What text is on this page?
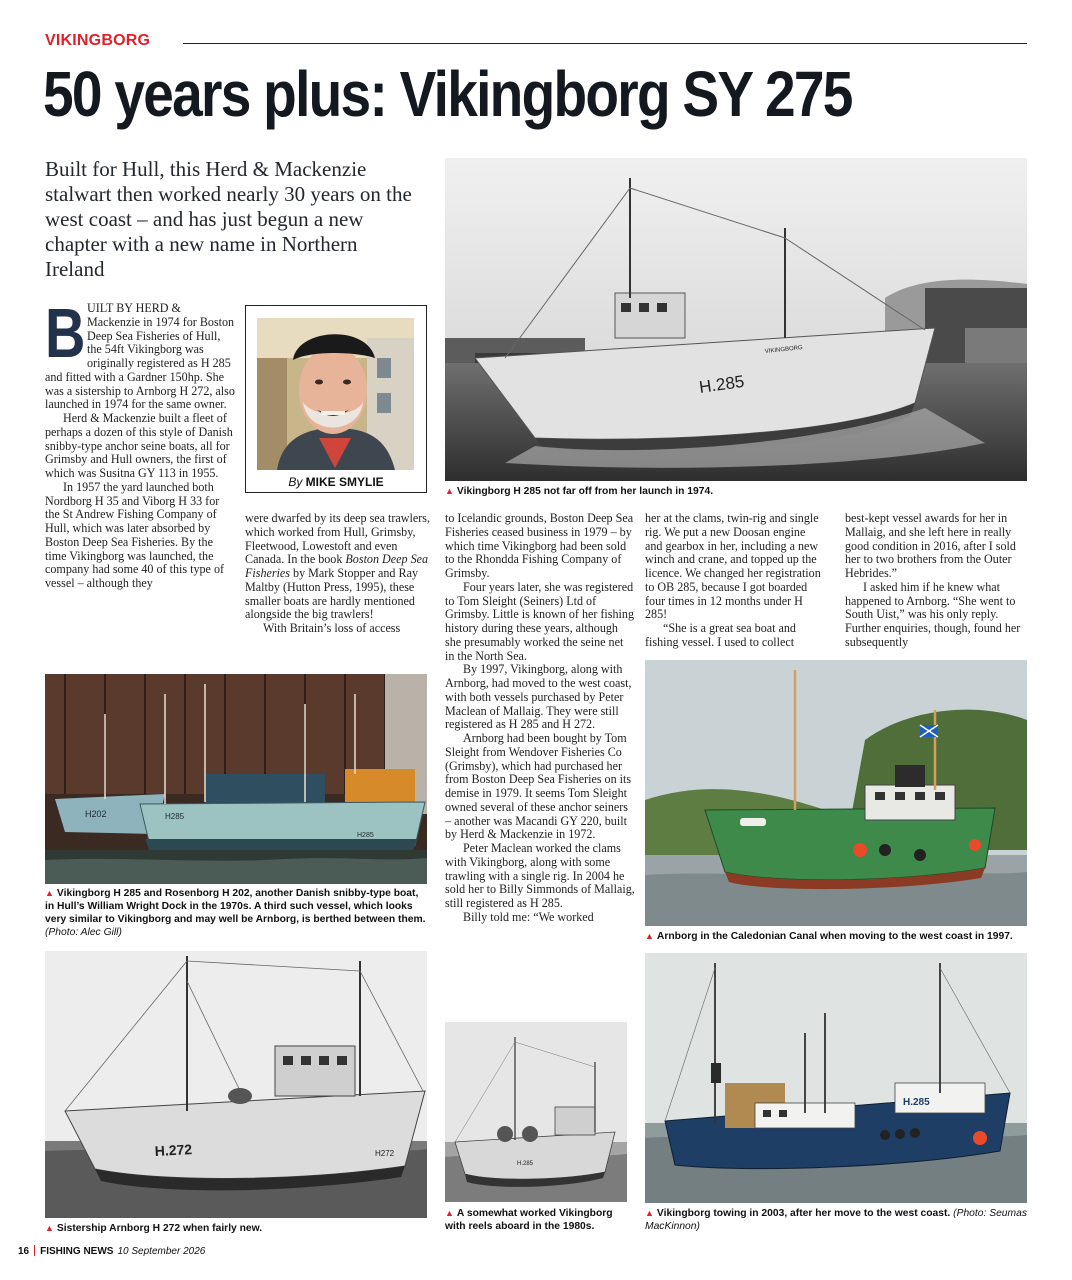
VIKINGBORG
50 years plus: Vikingborg SY 275
Built for Hull, this Herd & Mackenzie stalwart then worked nearly 30 years on the west coast – and has just begun a new chapter with a new name in Northern Ireland

BUILT BY HERD & Mackenzie in 1974 for Boston Deep Sea Fisheries of Hull, the 54ft Vikingborg was originally registered as H 285 and fitted with a Gardner 150hp. She was a sistership to Arnborg H 272, also launched in 1974 for the same owner.

Herd & Mackenzie built a fleet of perhaps a dozen of this style of Danish snibby-type anchor seine boats, all for Grimsby and Hull owners, the first of which was Susitna GY 113 in 1955.

In 1957 the yard launched both Nordborg H 35 and Viborg H 33 for the St Andrew Fishing Company of Hull, which was later absorbed by Boston Deep Sea Fisheries. By the time Vikingborg was launched, the company had some 40 of this type of vessel – although they

By MIKE SMYLIE

were dwarfed by its deep sea trawlers, which worked from Hull, Grimsby, Fleetwood, Lowestoft and even Canada. In the book Boston Deep Sea Fisheries by Mark Stopper and Ray Maltby (Hutton Press, 1995), these smaller boats are hardly mentioned alongside the big trawlers!

With Britain’s loss of access

H.285
VIKINGBORG
▲ Vikingborg H 285 not far off from her launch in 1974.

to Icelandic grounds, Boston Deep Sea Fisheries ceased business in 1979 – by which time Vikingborg had been sold to the Rhondda Fishing Company of Grimsby.

Four years later, she was registered to Tom Sleight (Seiners) Ltd of Grimsby. Little is known of her fishing history during these years, although she presumably worked the seine net in the North Sea.

By 1997, Vikingborg, along with Arnborg, had moved to the west coast, with both vessels purchased by Peter Maclean of Mallaig. They were still registered as H 285 and H 272.

Arnborg had been bought by Tom Sleight from Wendover Fisheries Co (Grimsby), which had purchased her from Boston Deep Sea Fisheries on its demise in 1979. It seems Tom Sleight owned several of these anchor seiners – another was Macandi GY 220, built by Herd & Mackenzie in 1972.

Peter Maclean worked the clams with Vikingborg, along with some trawling with a single rig. In 2004 he sold her to Billy Simmonds of Mallaig, still registered as H 285.

Billy told me: “We worked

her at the clams, twin-rig and single rig. We put a new Doosan engine and gearbox in her, including a new winch and crane, and topped up the licence. We changed her registration to OB 285, because I got boarded four times in 12 months under H 285!

“She is a great sea boat and fishing vessel. I used to collect

best-kept vessel awards for her in Mallaig, and she left here in really good condition in 2016, after I sold her to two brothers from the Outer Hebrides.”

I asked him if he knew what happened to Arnborg. “She went to South Uist,” was his only reply. Further enquiries, though, found her subsequently

H202	H285
H285
▲ Vikingborg H 285 and Rosenborg H 202, another Danish snibby-type boat, in Hull’s William Wright Dock in the 1970s. A third such vessel, which looks very similar to Vikingborg and may well be Arnborg, is berthed between them. (Photo: Alec Gill)
H.272	H272
▲ Sistership Arnborg H 272 when fairly new.
H.285
▲ A somewhat worked Vikingborg with reels aboard in the 1980s.
▲ Arnborg in the Caledonian Canal when moving to the west coast in 1997.
H.285
▲ Vikingborg towing in 2003, after her move to the west coast. (Photo: Seumas MacKinnon)
16 FISHING NEWS 10 September 2026
